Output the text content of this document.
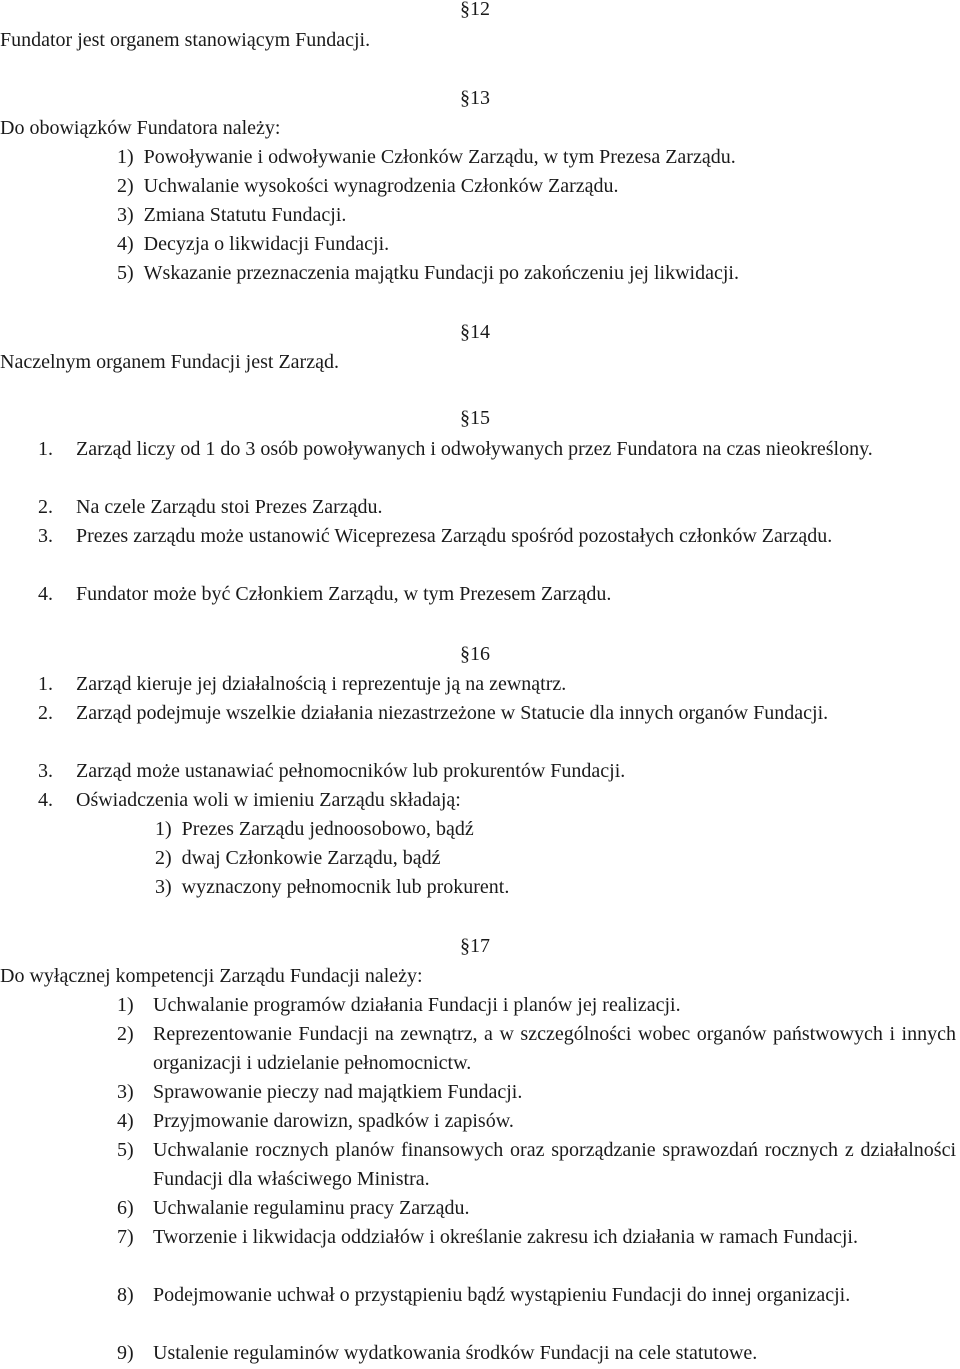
§12
Fundator jest organem stanowiącym Fundacji.
§13
Do obowiązków Fundatora należy:
1) Powoływanie i odwoływanie Członków Zarządu, w tym Prezesa Zarządu.
2) Uchwalanie wysokości wynagrodzenia Członków Zarządu.
3) Zmiana Statutu Fundacji.
4) Decyzja o likwidacji Fundacji.
5) Wskazanie przeznaczenia majątku Fundacji po zakończeniu jej likwidacji.
§14
Naczelnym organem Fundacji jest Zarząd.
§15
1. Zarząd liczy od 1 do 3 osób powoływanych i odwoływanych przez Fundatora na czas nieokreślony.
2. Na czele Zarządu stoi Prezes Zarządu.
3. Prezes zarządu może ustanowić Wiceprezesa Zarządu spośród pozostałych członków Zarządu.
4. Fundator może być Członkiem Zarządu, w tym Prezesem Zarządu.
§16
1. Zarząd kieruje jej działalnością i reprezentuje ją na zewnątrz.
2. Zarząd podejmuje wszelkie działania niezastrzeżone w Statucie dla innych organów Fundacji.
3. Zarząd może ustanawiać pełnomocników lub prokurentów Fundacji.
4. Oświadczenia woli w imieniu Zarządu składają:
1) Prezes Zarządu jednoosobowo, bądź
2) dwaj Członkowie Zarządu, bądź
3) wyznaczony pełnomocnik lub prokurent.
§17
Do wyłącznej kompetencji Zarządu Fundacji należy:
1) Uchwalanie programów działania Fundacji i planów jej realizacji.
2) Reprezentowanie Fundacji na zewnątrz, a w szczególności wobec organów państwowych i innych organizacji i udzielanie pełnomocnictw.
3) Sprawowanie pieczy nad majątkiem Fundacji.
4) Przyjmowanie darowizn, spadków i zapisów.
5) Uchwalanie rocznych planów finansowych oraz sporządzanie sprawozdań rocznych z działalności Fundacji dla właściwego Ministra.
6) Uchwalanie regulaminu pracy Zarządu.
7) Tworzenie i likwidacja oddziałów i określanie zakresu ich działania w ramach Fundacji.
8) Podejmowanie uchwał o przystąpieniu bądź wystąpieniu Fundacji do innej organizacji.
9) Ustalenie regulaminów wydatkowania środków Fundacji na cele statutowe.
